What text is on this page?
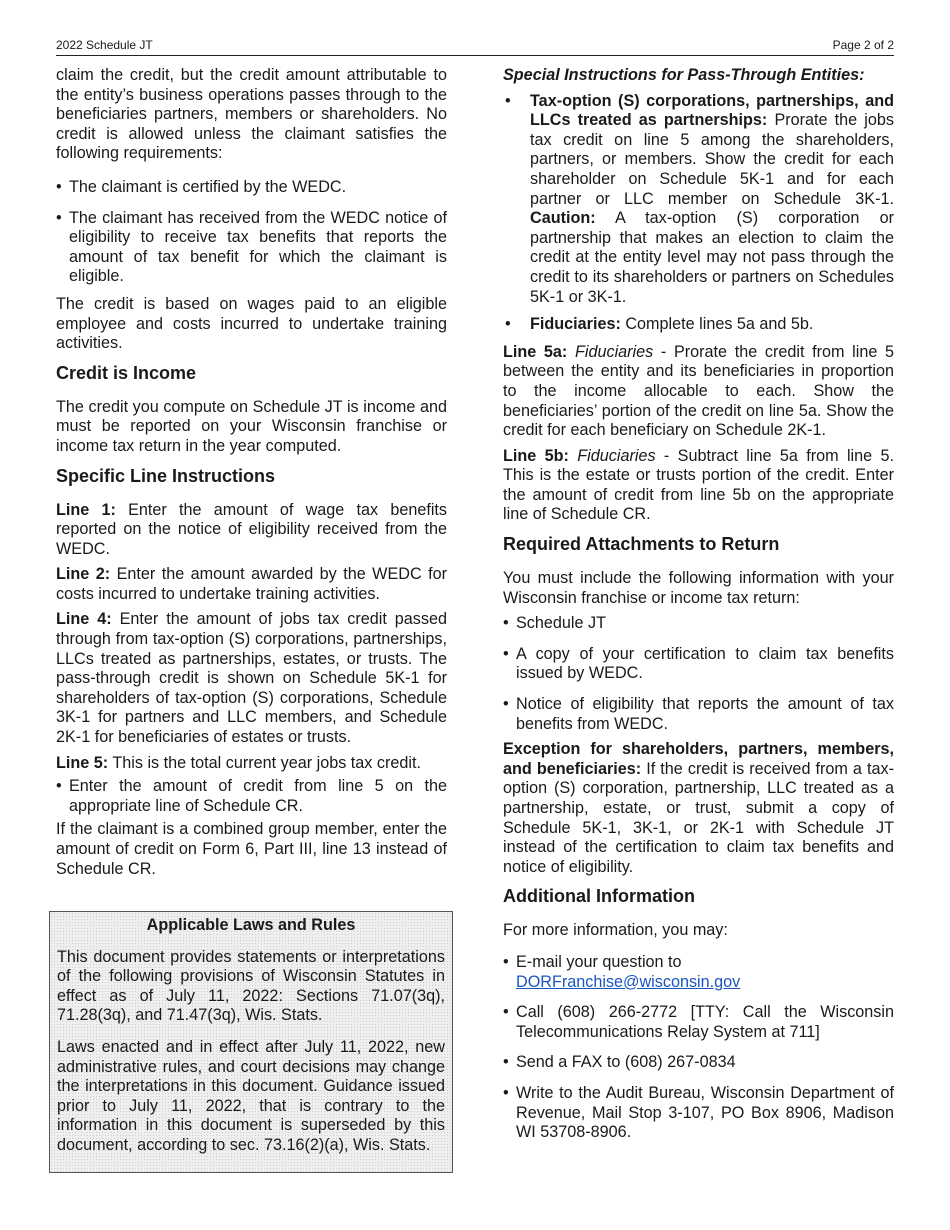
2022 Schedule JT	Page 2 of 2

claim the credit, but the credit amount attributable to the entity’s business operations passes through to the beneficiaries partners, members or shareholders. No credit is allowed unless the claimant satisfies the following requirements:

• The claimant is certified by the WEDC.
• The claimant has received from the WEDC notice of eligibility to receive tax benefits that reports the amount of tax benefit for which the claimant is eligible.

The credit is based on wages paid to an eligible employee and costs incurred to undertake training activities.

Credit is Income

The credit you compute on Schedule JT is income and must be reported on your Wisconsin franchise or income tax return in the year computed.

Specific Line Instructions

Line 1: Enter the amount of wage tax benefits reported on the notice of eligibility received from the WEDC.

Line 2: Enter the amount awarded by the WEDC for costs incurred to undertake training activities.

Line 4: Enter the amount of jobs tax credit passed through from tax-option (S) corporations, partnerships, LLCs treated as partnerships, estates, or trusts. The pass-through credit is shown on Schedule 5K-1 for shareholders of tax-option (S) corporations, Schedule 3K-1 for partners and LLC members, and Schedule 2K-1 for beneficiaries of estates or trusts.

Line 5: This is the total current year jobs tax credit.

• Enter the amount of credit from line 5 on the appropriate line of Schedule CR.

If the claimant is a combined group member, enter the amount of credit on Form 6, Part III, line 13 instead of Schedule CR.

Applicable Laws and Rules

This document provides statements or interpretations of the following provisions of Wisconsin Statutes in effect as of July 11, 2022: Sections 71.07(3q), 71.28(3q), and 71.47(3q), Wis. Stats.

Laws enacted and in effect after July 11, 2022, new administrative rules, and court decisions may change the interpretations in this document. Guidance issued prior to July 11, 2022, that is contrary to the information in this document is superseded by this document, according to sec. 73.16(2)(a), Wis. Stats.

Special Instructions for Pass-Through Entities:
• Tax-option (S) corporations, partnerships, and LLCs treated as partnerships: Prorate the jobs tax credit on line 5 among the shareholders, partners, or members. Show the credit for each shareholder on Schedule 5K-1 and for each partner or LLC member on Schedule 3K-1. Caution: A tax-option (S) corporation or partnership that makes an election to claim the credit at the entity level may not pass through the credit to its shareholders or partners on Schedules 5K-1 or 3K-1.
• Fiduciaries: Complete lines 5a and 5b.

Line 5a: Fiduciaries - Prorate the credit from line 5 between the entity and its beneficiaries in proportion to the income allocable to each. Show the beneficiaries’ portion of the credit on line 5a. Show the credit for each beneficiary on Schedule 2K-1.

Line 5b: Fiduciaries - Subtract line 5a from line 5. This is the estate or trusts portion of the credit. Enter the amount of credit from line 5b on the appropriate line of Schedule CR.

Required Attachments to Return

You must include the following information with your Wisconsin franchise or income tax return:

• Schedule JT
• A copy of your certification to claim tax benefits issued by WEDC.
• Notice of eligibility that reports the amount of tax benefits from WEDC.

Exception for shareholders, partners, members, and beneficiaries: If the credit is received from a tax-option (S) corporation, partnership, LLC treated as a partnership, estate, or trust, submit a copy of Schedule 5K-1, 3K-1, or 2K-1 with Schedule JT instead of the certification to claim tax benefits and notice of eligibility.

Additional Information

For more information, you may:

• E-mail your question to
DORFranchise@wisconsin.gov
• Call (608) 266-2772 [TTY: Call the Wisconsin Telecommunications Relay System at 711]
• Send a FAX to (608) 267-0834
• Write to the Audit Bureau, Wisconsin Department of Revenue, Mail Stop 3-107, PO Box 8906, Madison WI 53708-8906.
